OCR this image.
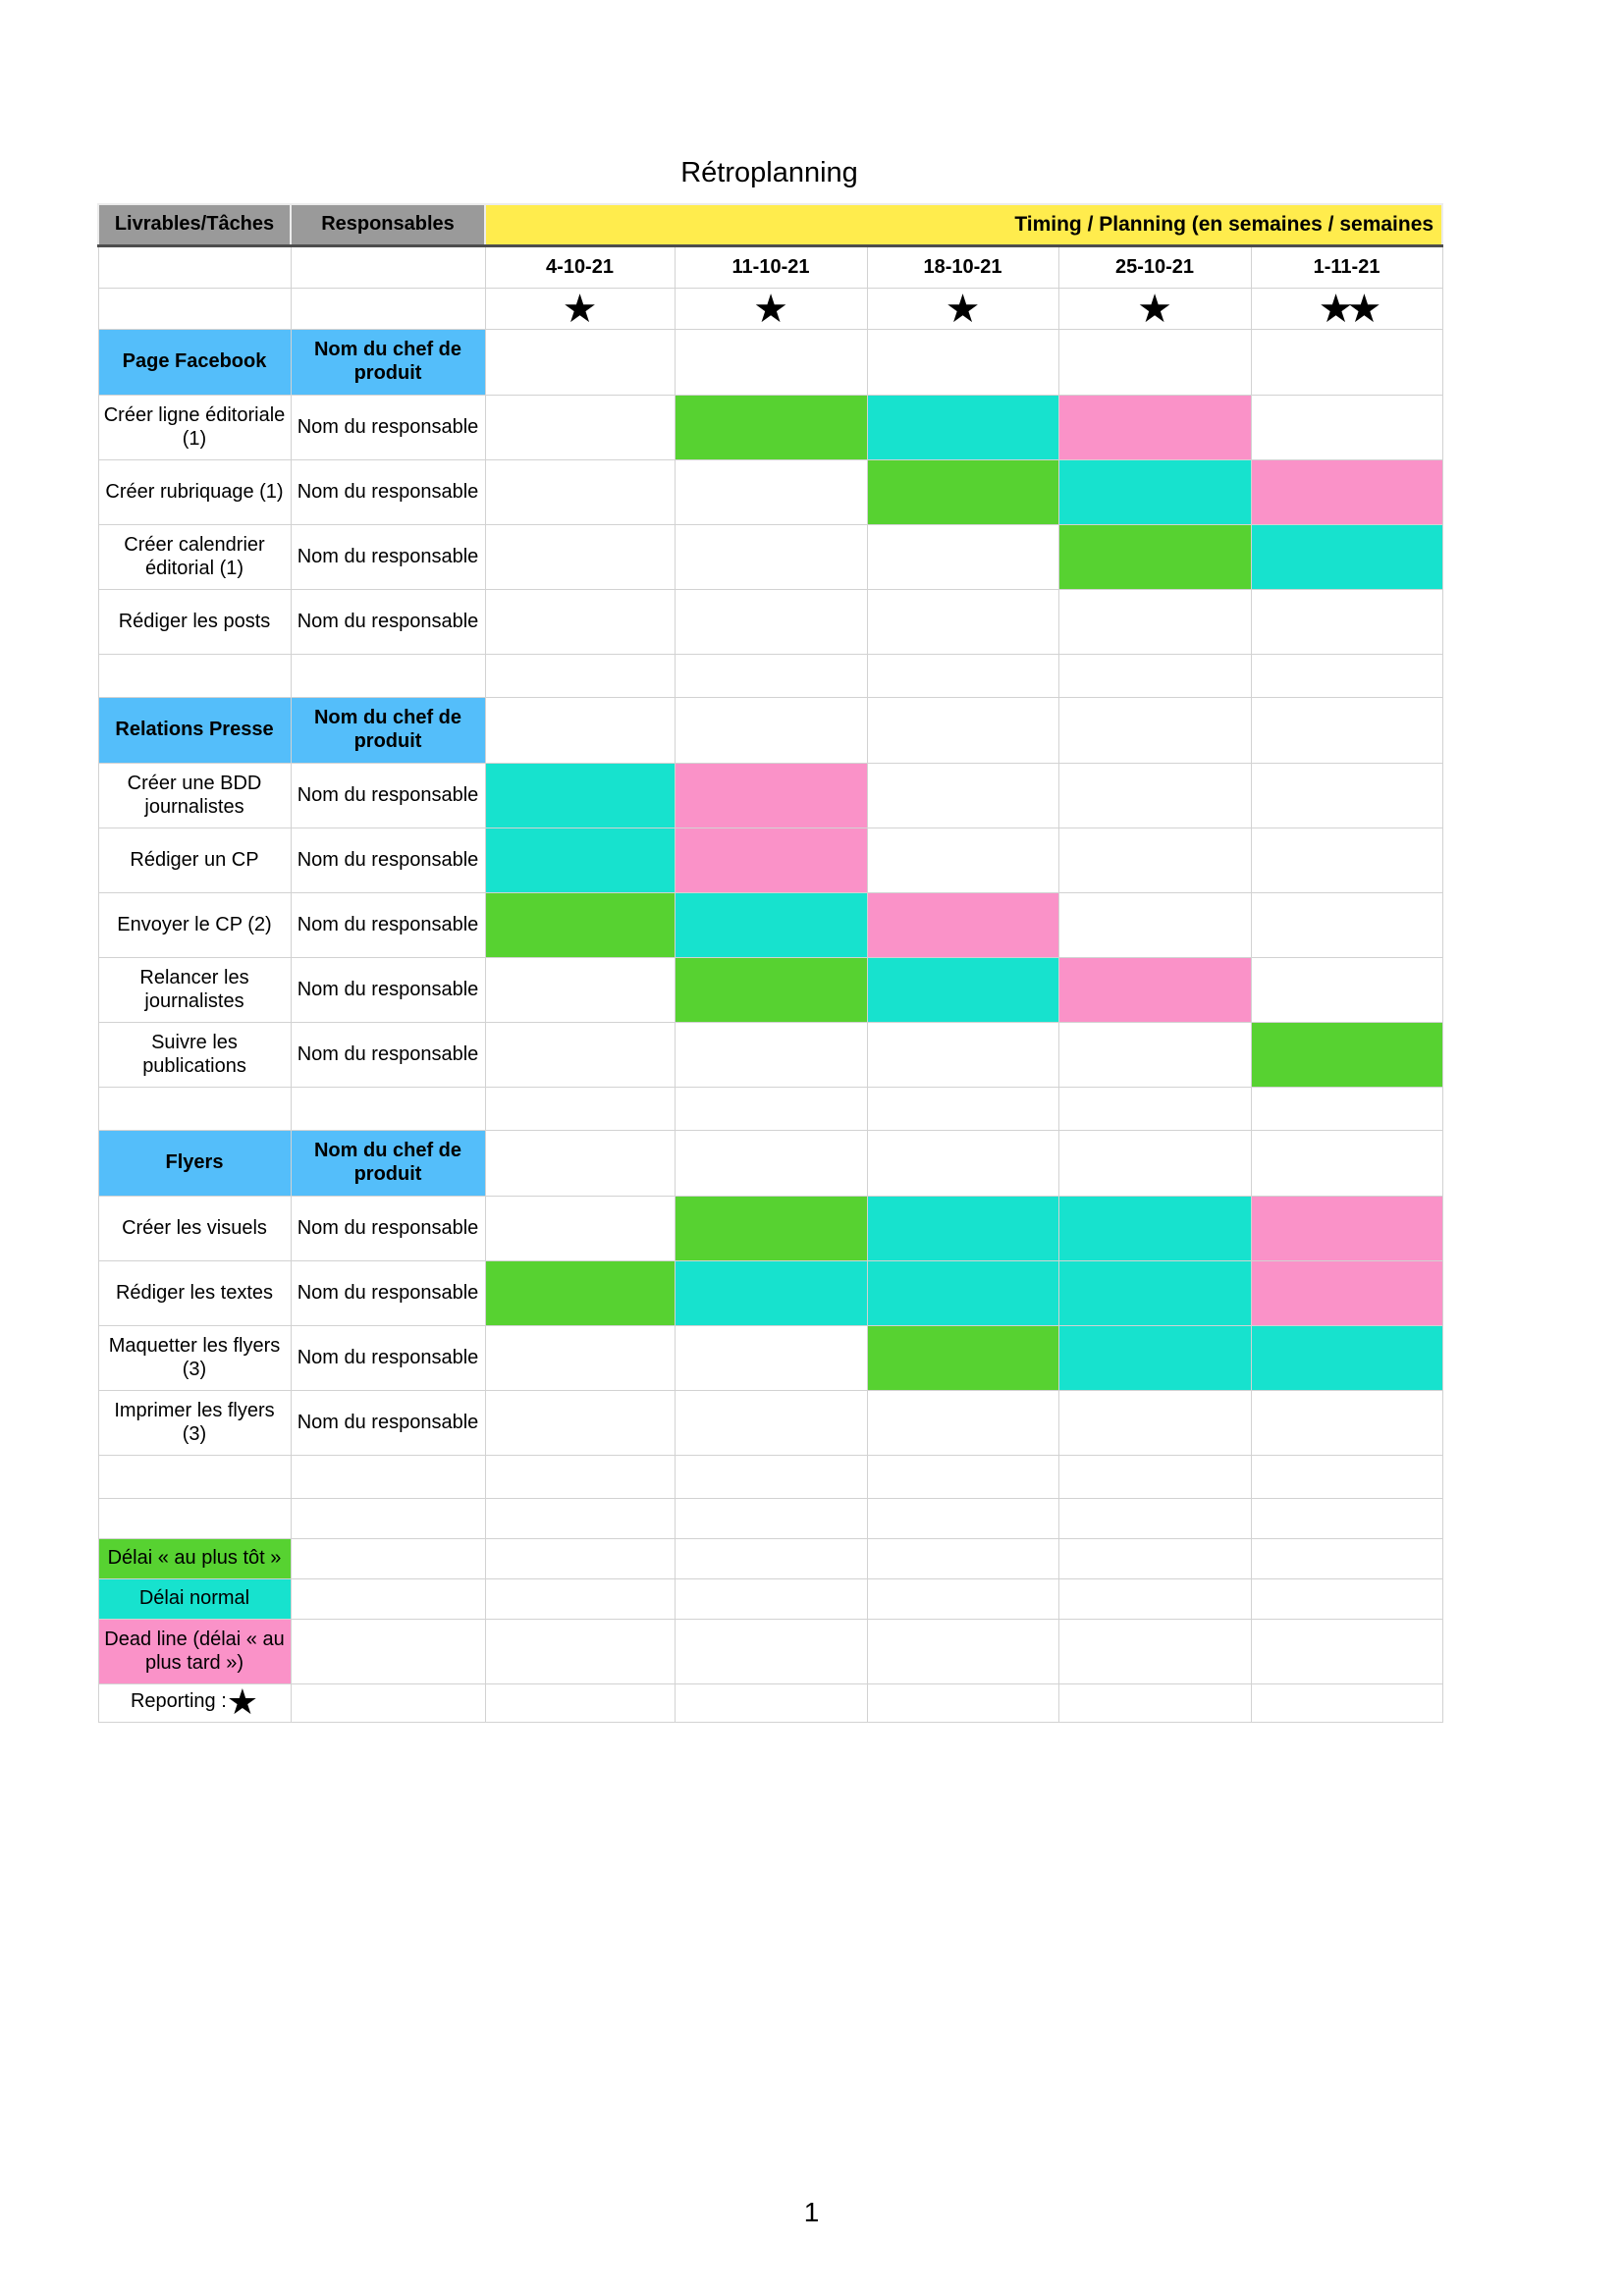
Rétroplanning
Livrables/Tâches	Responsables	Timing / Planning (en semaines / semaines				
		4-10-21	11-10-21	18-10-21	25-10-21	1-11-21
		★	★	★	★	★★
Page Facebook	Nom du chef de produit					
Créer ligne éditoriale (1)	Nom du responsable					
Créer rubriquage (1)	Nom du responsable					
Créer calendrier éditorial (1)	Nom du responsable					
Rédiger les posts	Nom du responsable					

Relations Presse	Nom du chef de produit					
Créer une BDD journalistes	Nom du responsable					
Rédiger un CP	Nom du responsable					
Envoyer le CP (2)	Nom du responsable					
Relancer les journalistes	Nom du responsable					
Suivre les publications	Nom du responsable					

Flyers	Nom du chef de produit					
Créer les visuels	Nom du responsable					
Rédiger les textes	Nom du responsable					
Maquetter les flyers (3)	Nom du responsable					
Imprimer les flyers (3)	Nom du responsable					

Délai « au plus tôt »						
Délai normal						
Dead line (délai « au plus tard »)						
Reporting :★						
1
